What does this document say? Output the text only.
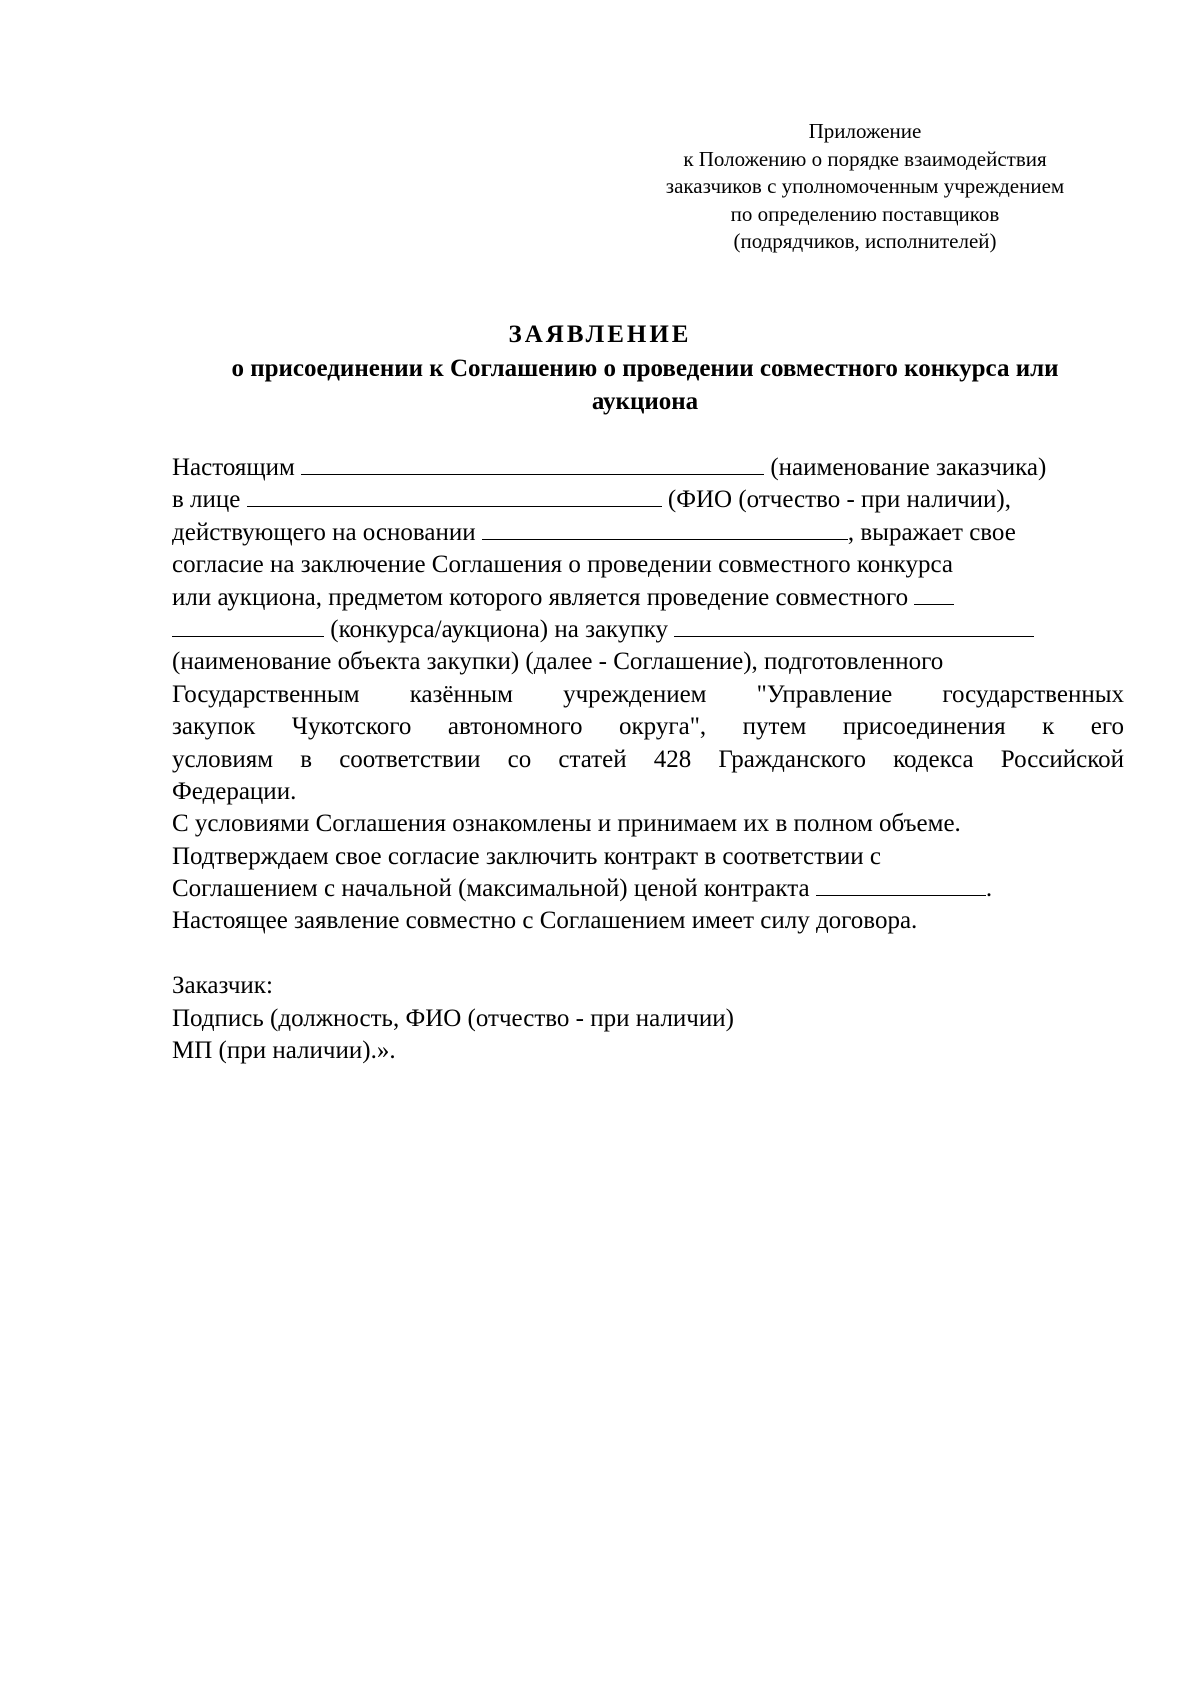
Приложение
к Положению о порядке взаимодействия
заказчиков с уполномоченным учреждением
по определению поставщиков
(подрядчиков, исполнителей)
ЗАЯВЛЕНИЕ
о присоединении к Соглашению о проведении совместного конкурса или
аукциона
Настоящим	(наименование заказчика)
в лице	(ФИО (отчество - при наличии),
действующего на основании	, выражает свое
согласие на заключение Соглашения о проведении совместного конкурса
или аукциона, предметом которого является проведение совместного
(конкурса/аукциона) на закупку
(наименование объекта закупки) (далее - Соглашение), подготовленного
Государственным казённым учреждением "Управление государственных
закупок Чукотского автономного округа", путем присоединения к его
условиям в соответствии со статей 428 Гражданского кодекса Российской
Федерации.
С условиями Соглашения ознакомлены и принимаем их в полном объеме.
Подтверждаем свое согласие заключить контракт в соответствии с
Соглашением с начальной (максимальной) ценой контракта	.
Настоящее заявление совместно с Соглашением имеет силу договора.
Заказчик:
Подпись (должность, ФИО (отчество - при наличии)
МП (при наличии).».
